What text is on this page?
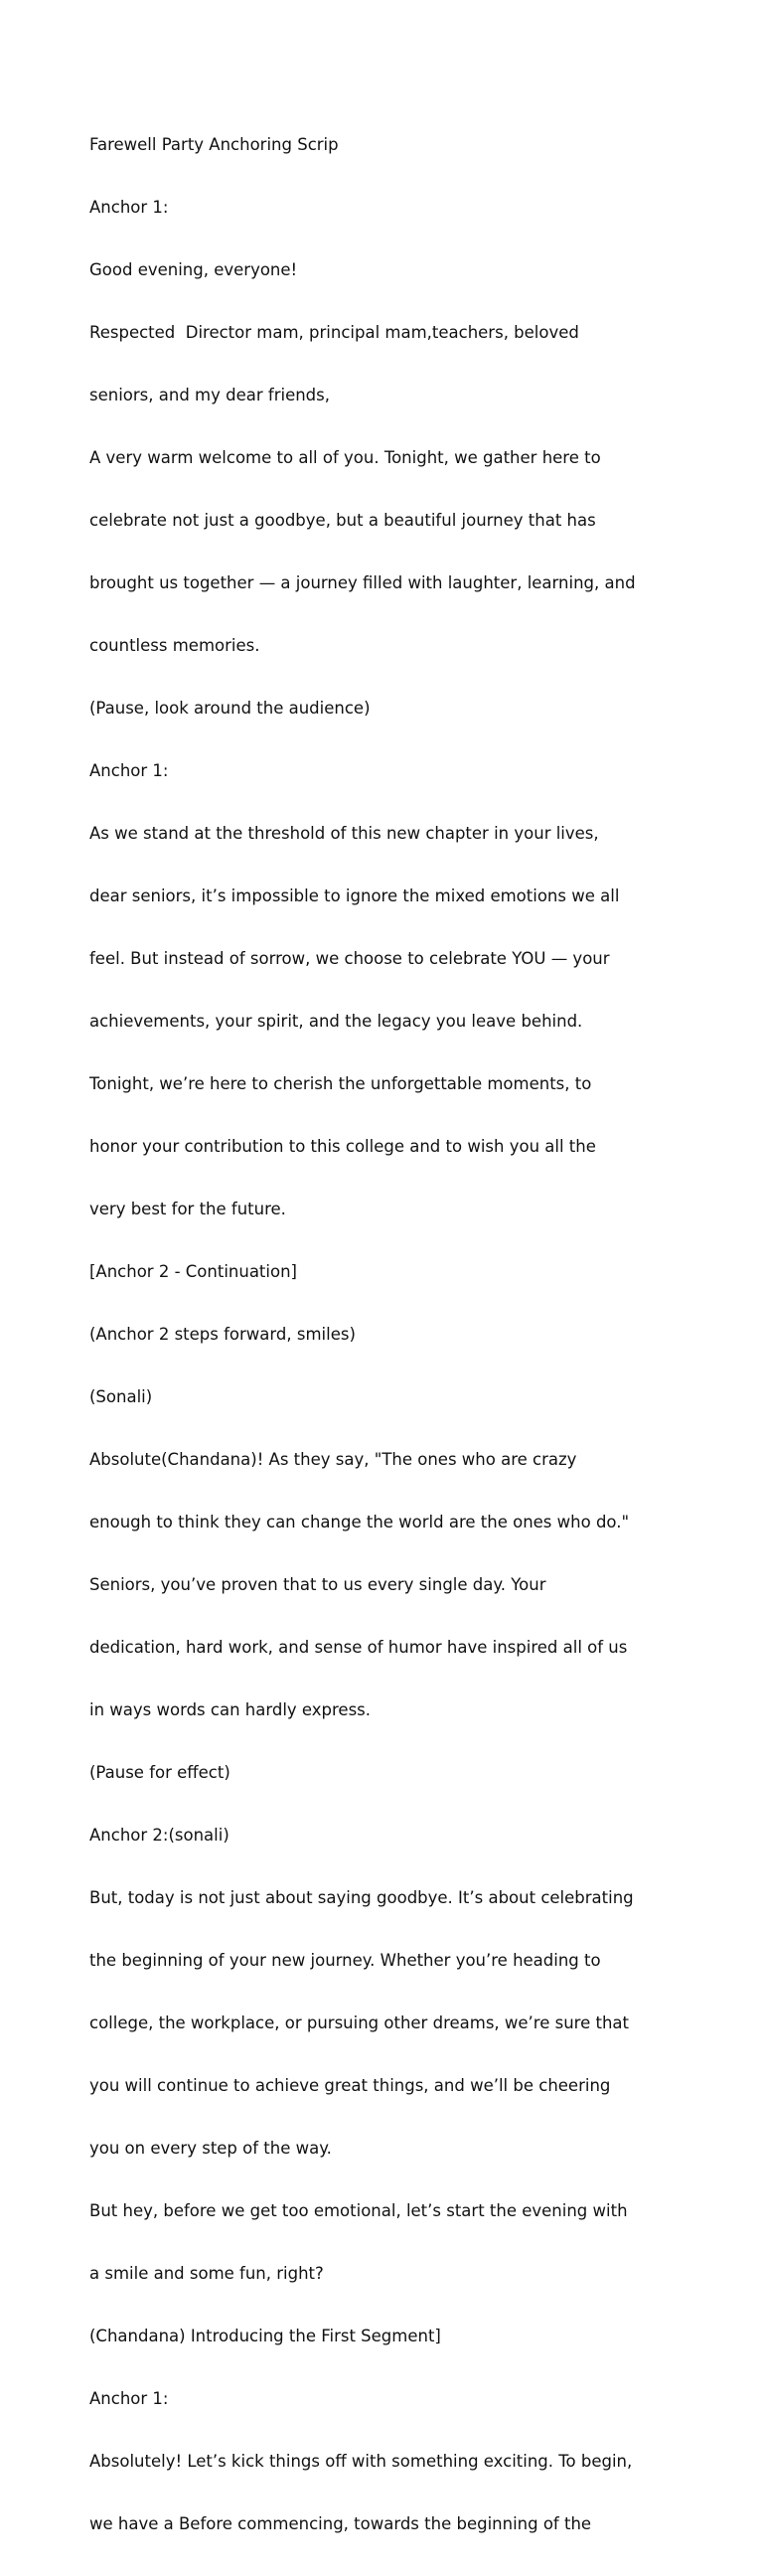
Farewell Party Anchoring Scrip

Anchor 1:

Good evening, everyone!

Respected  Director mam, principal mam,teachers, beloved

seniors, and my dear friends,

A very warm welcome to all of you. Tonight, we gather here to

celebrate not just a goodbye, but a beautiful journey that has

brought us together — a journey filled with laughter, learning, and

countless memories.

(Pause, look around the audience)

Anchor 1:

As we stand at the threshold of this new chapter in your lives,

dear seniors, it’s impossible to ignore the mixed emotions we all

feel. But instead of sorrow, we choose to celebrate YOU — your

achievements, your spirit, and the legacy you leave behind.

Tonight, we’re here to cherish the unforgettable moments, to

honor your contribution to this college and to wish you all the

very best for the future.

[Anchor 2 - Continuation]

(Anchor 2 steps forward, smiles)

(Sonali)

Absolute(Chandana)! As they say, "The ones who are crazy

enough to think they can change the world are the ones who do."

Seniors, you’ve proven that to us every single day. Your

dedication, hard work, and sense of humor have inspired all of us

in ways words can hardly express.

(Pause for effect)

Anchor 2:(sonali)

But, today is not just about saying goodbye. It’s about celebrating

the beginning of your new journey. Whether you’re heading to

college, the workplace, or pursuing other dreams, we’re sure that

you will continue to achieve great things, and we’ll be cheering

you on every step of the way.

But hey, before we get too emotional, let’s start the evening with

a smile and some fun, right?

(Chandana) Introducing the First Segment]

Anchor 1:

Absolutely! Let’s kick things off with something exciting. To begin,

we have a Before commencing, towards the beginning of the
